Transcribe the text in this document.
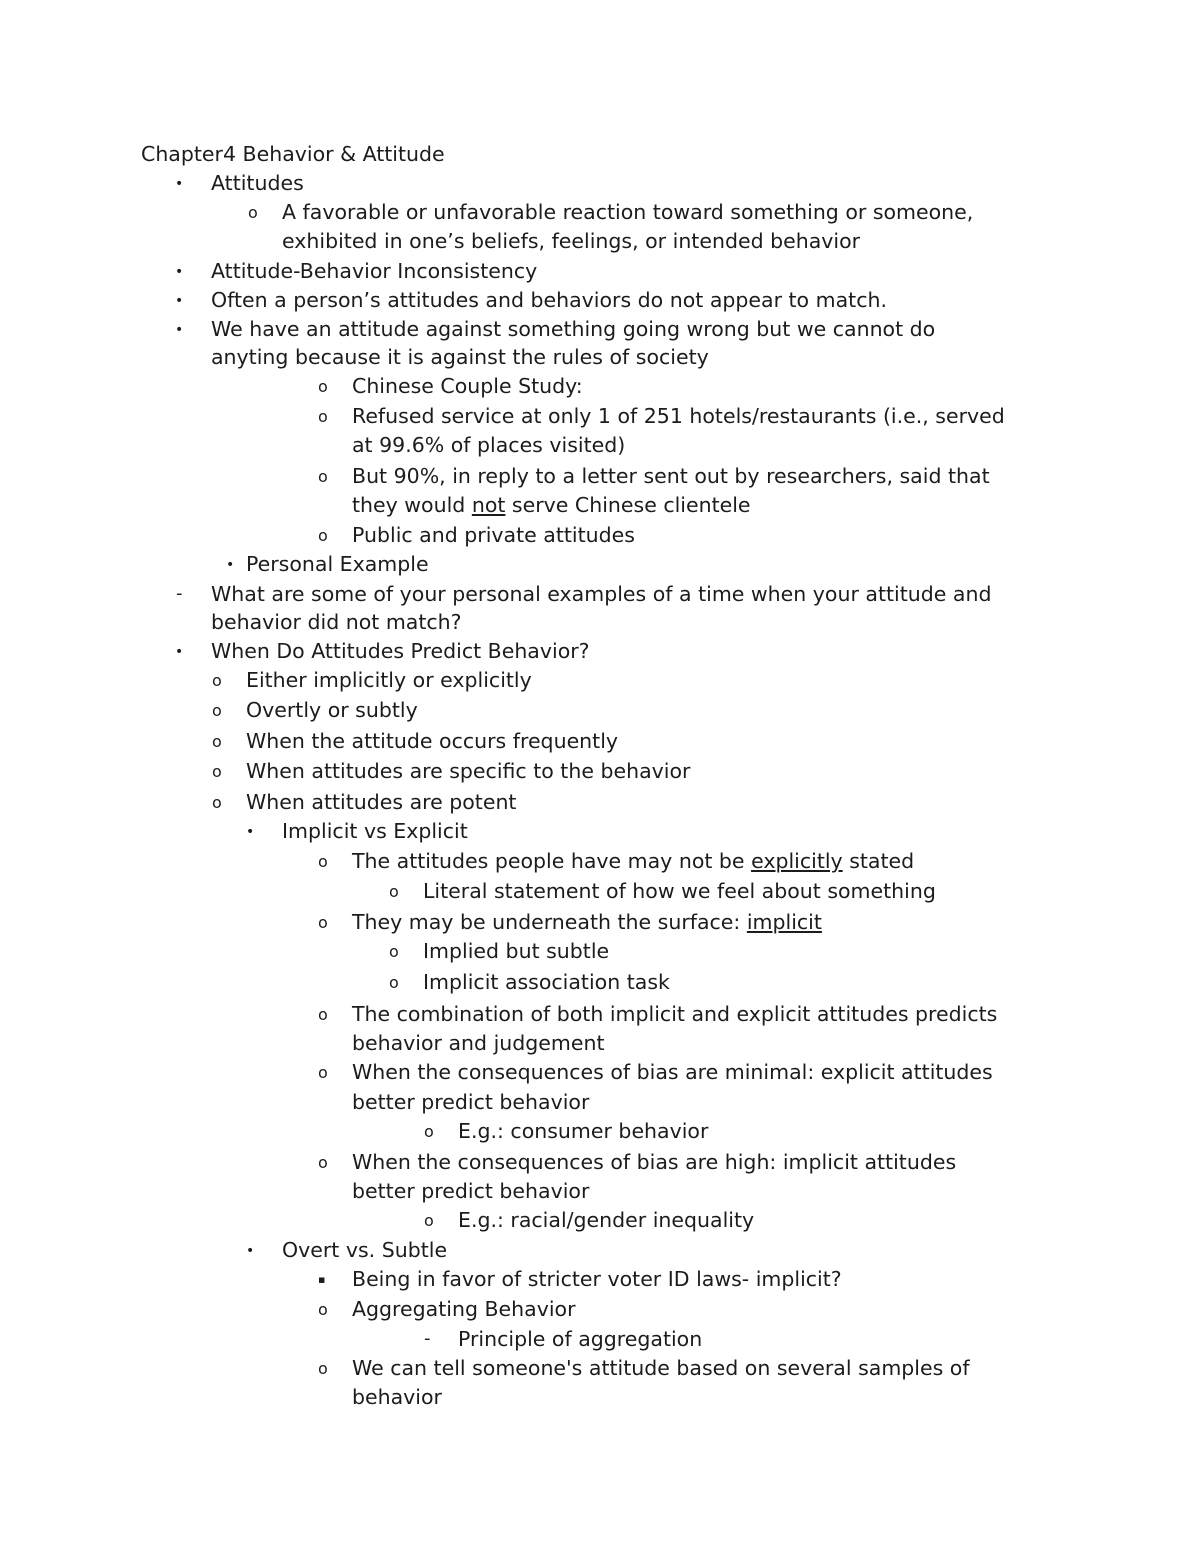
Chapter4 Behavior & Attitude
• Attitudes
o A favorable or unfavorable reaction toward something or someone,
exhibited in one’s beliefs, feelings, or intended behavior
• Attitude-Behavior Inconsistency
• Often a person’s attitudes and behaviors do not appear to match.
• We have an attitude against something going wrong but we cannot do
anyting because it is against the rules of society
o Chinese Couple Study:
o Refused service at only 1 of 251 hotels/restaurants (i.e., served
at 99.6% of places visited)
o But 90%, in reply to a letter sent out by researchers, said that
they would not serve Chinese clientele
o Public and private attitudes
• Personal Example
- What are some of your personal examples of a time when your attitude and
behavior did not match?
• When Do Attitudes Predict Behavior?
o Either implicitly or explicitly
o Overtly or subtly
o When the attitude occurs frequently
o When attitudes are specific to the behavior
o When attitudes are potent
• Implicit vs Explicit
o The attitudes people have may not be explicitly stated
o Literal statement of how we feel about something
o They may be underneath the surface: implicit
o Implied but subtle
o Implicit association task
o The combination of both implicit and explicit attitudes predicts
behavior and judgement
o When the consequences of bias are minimal: explicit attitudes
better predict behavior
o E.g.: consumer behavior
o When the consequences of bias are high: implicit attitudes
better predict behavior
o E.g.: racial/gender inequality
• Overt vs. Subtle
▪ Being in favor of stricter voter ID laws- implicit?
o Aggregating Behavior
- Principle of aggregation
o We can tell someone's attitude based on several samples of
behavior
